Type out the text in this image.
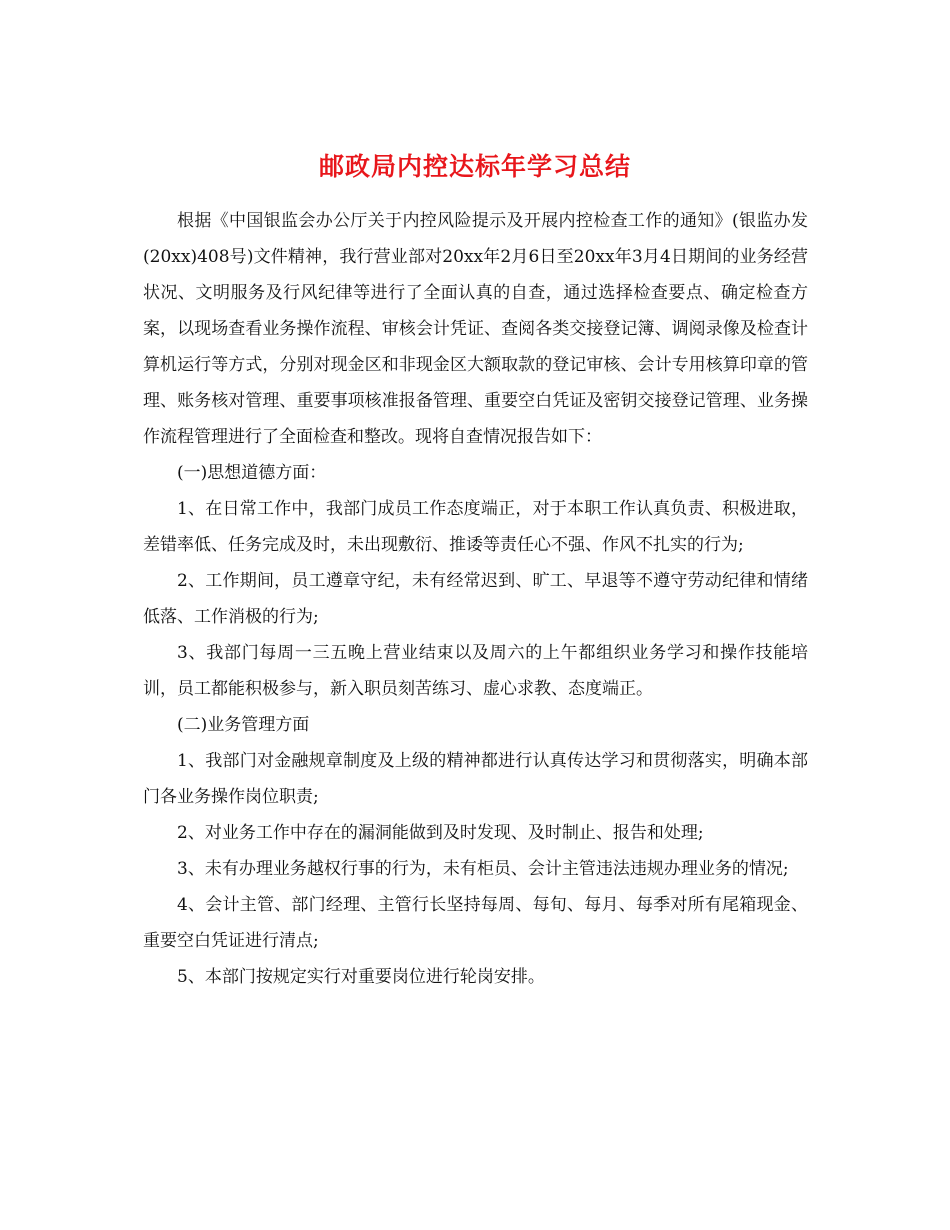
邮政局内控达标年学习总结

根据《中国银监会办公厅关于内控风险提示及开展内控检查工作的通知》(银监办发(20xx)408号)文件精神，我行营业部对20xx年2月6日至20xx年3月4日期间的业务经营状况、文明服务及行风纪律等进行了全面认真的自查，通过选择检查要点、确定检查方案，以现场查看业务操作流程、审核会计凭证、查阅各类交接登记簿、调阅录像及检查计算机运行等方式，分别对现金区和非现金区大额取款的登记审核、会计专用核算印章的管理、账务核对管理、重要事项核准报备管理、重要空白凭证及密钥交接登记管理、业务操作流程管理进行了全面检查和整改。现将自查情况报告如下：

(一)思想道德方面：

1、在日常工作中，我部门成员工作态度端正，对于本职工作认真负责、积极进取，差错率低、任务完成及时，未出现敷衍、推诿等责任心不强、作风不扎实的行为;

2、工作期间，员工遵章守纪，未有经常迟到、旷工、早退等不遵守劳动纪律和情绪低落、工作消极的行为;

3、我部门每周一三五晚上营业结束以及周六的上午都组织业务学习和操作技能培训，员工都能积极参与，新入职员刻苦练习、虚心求教、态度端正。

(二)业务管理方面

1、我部门对金融规章制度及上级的精神都进行认真传达学习和贯彻落实，明确本部门各业务操作岗位职责;

2、对业务工作中存在的漏洞能做到及时发现、及时制止、报告和处理;

3、未有办理业务越权行事的行为，未有柜员、会计主管违法违规办理业务的情况;

4、会计主管、部门经理、主管行长坚持每周、每旬、每月、每季对所有尾箱现金、重要空白凭证进行清点;

5、本部门按规定实行对重要岗位进行轮岗安排。
